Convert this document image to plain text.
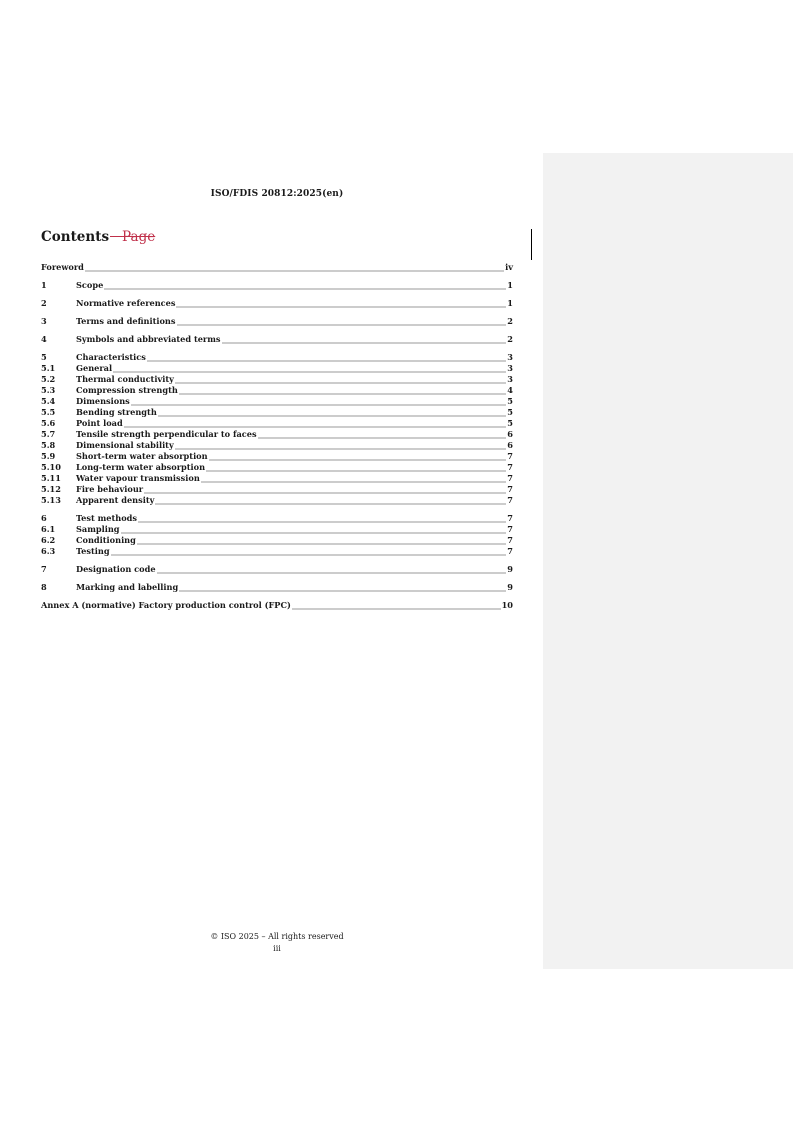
ISO/FDIS 20812:2025(en)
Contents Page
Foreword	iv
1	Scope	1
2	Normative references	1
3	Terms and definitions	2
4	Symbols and abbreviated terms	2
5	Characteristics	3
5.1	General	3
5.2	Thermal conductivity	3
5.3	Compression strength	4
5.4	Dimensions	5
5.5	Bending strength	5
5.6	Point load	5
5.7	Tensile strength perpendicular to faces	6
5.8	Dimensional stability	6
5.9	Short-term water absorption	7
5.10	Long-term water absorption	7
5.11	Water vapour transmission	7
5.12	Fire behaviour	7
5.13	Apparent density	7
6	Test methods	7
6.1	Sampling	7
6.2	Conditioning	7
6.3	Testing	7
7	Designation code	9
8	Marking and labelling	9
Annex A (normative) Factory production control (FPC)	10
© ISO 2025 – All rights reserved
iii
